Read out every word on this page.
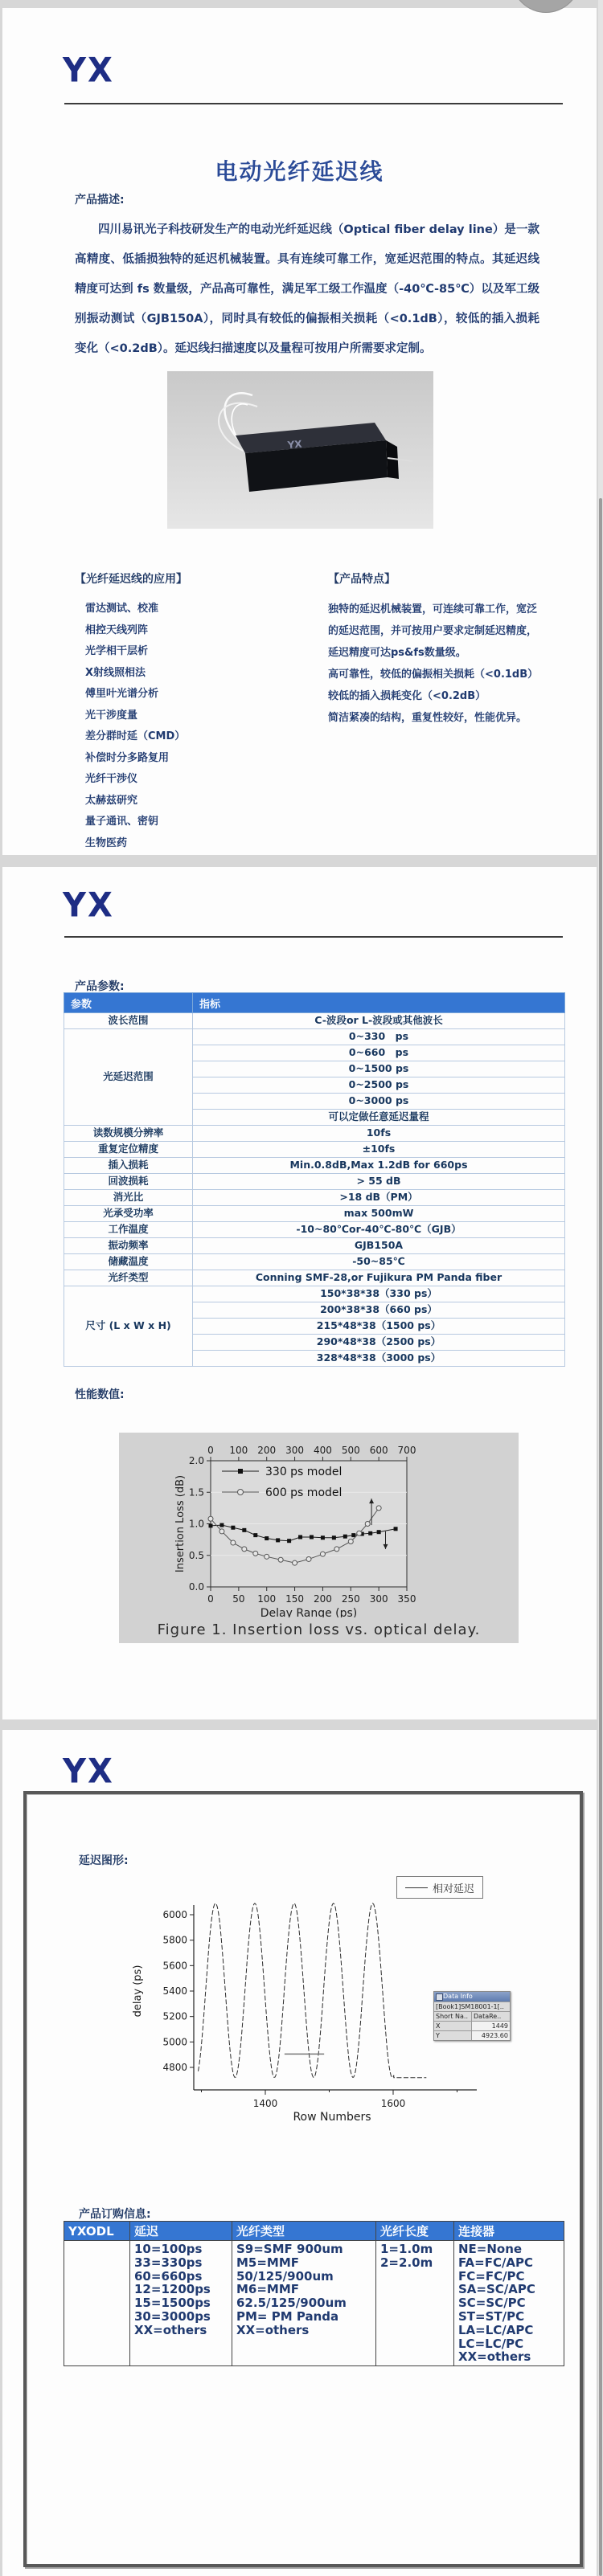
YX
电动光纤延迟线
产品描述:
四川易讯光子科技研发生产的电动光纤延迟线（Optical fiber delay line）是一款高精度、低插损独特的延迟机械装置。具有连续可靠工作，宽延迟范围的特点。其延迟线精度可达到 fs 数量级，产品高可靠性，满足军工级工作温度（-40℃-85℃）以及军工级别振动测试（GJB150A），同时具有较低的偏振相关损耗（<0.1dB），较低的插入损耗变化（<0.2dB）。延迟线扫描速度以及量程可按用户所需要求定制。
YX
【光纤延迟线的应用】	【产品特点】
雷达测试、校准
相控天线列阵
光学相干层析
X射线照相法
傅里叶光谱分析
光干涉度量
差分群时延（CMD）
补偿时分多路复用
光纤干涉仪
太赫兹研究
量子通讯、密钥
生物医药
独特的延迟机械装置，可连续可靠工作，宽泛的延迟范围，并可按用户要求定制延迟精度，延迟精度可达ps&fs数量级。
高可靠性，较低的偏振相关损耗（<0.1dB）
较低的插入损耗变化（<0.2dB）
简洁紧凑的结构，重复性较好，性能优异。
YX
产品参数:
参数	指标
波长范围	C-波段or L-波段或其他波长
光延迟范围	0~330　ps
	0~660　ps
	0~1500 ps
	0~2500 ps
	0~3000 ps
	可以定做任意延迟量程
读数规模分辨率	10fs
重复定位精度	±10fs
插入损耗	Min.0.8dB,Max 1.2dB for 660ps
回波损耗	> 55 dB
消光比	>18 dB（PM）
光承受功率	max 500mW
工作温度	-10~80℃or-40℃-80℃（GJB）
振动频率	GJB150A
储藏温度	-50~85℃
光纤类型	Conning SMF-28,or Fujikura PM Panda fiber
尺寸 (L x W x H)	150*38*38（330 ps）
	200*38*38（660 ps）
	215*48*38（1500 ps）
	290*48*38（2500 ps）
	328*48*38（3000 ps）
性能数值:
0.0
0.5
1.0
1.5
2.0
0 50 100 150 200 250 300 350
0 100 200 300 400 500 600 700
Insertion Loss (dB)
Delay Range (ps)
330 ps model
600 ps model
Figure 1. Insertion loss vs. optical delay.
YX
延迟图形:
相对延迟
4800
5000
5200
5400
5600
5800
6000
1400	1600
delay (ps)
Row Numbers
Data Info
[Book1]SM18001-1[..
Short Na.. DataRe..
X	1449
Y	4923.60
产品订购信息:
YXODL	延迟	光纤类型	光纤长度	连接器

10=100ps
33=330ps
60=660ps
12=1200ps
15=1500ps
30=3000ps
XX=others

S9=SMF 900um
M5=MMF
50/125/900um
M6=MMF
62.5/125/900um
PM= PM Panda
XX=others

1=1.0m
2=2.0m

NE=None
FA=FC/APC
FC=FC/PC
SA=SC/APC
SC=SC/PC
ST=ST/PC
LA=LC/APC
LC=LC/PC
XX=others
